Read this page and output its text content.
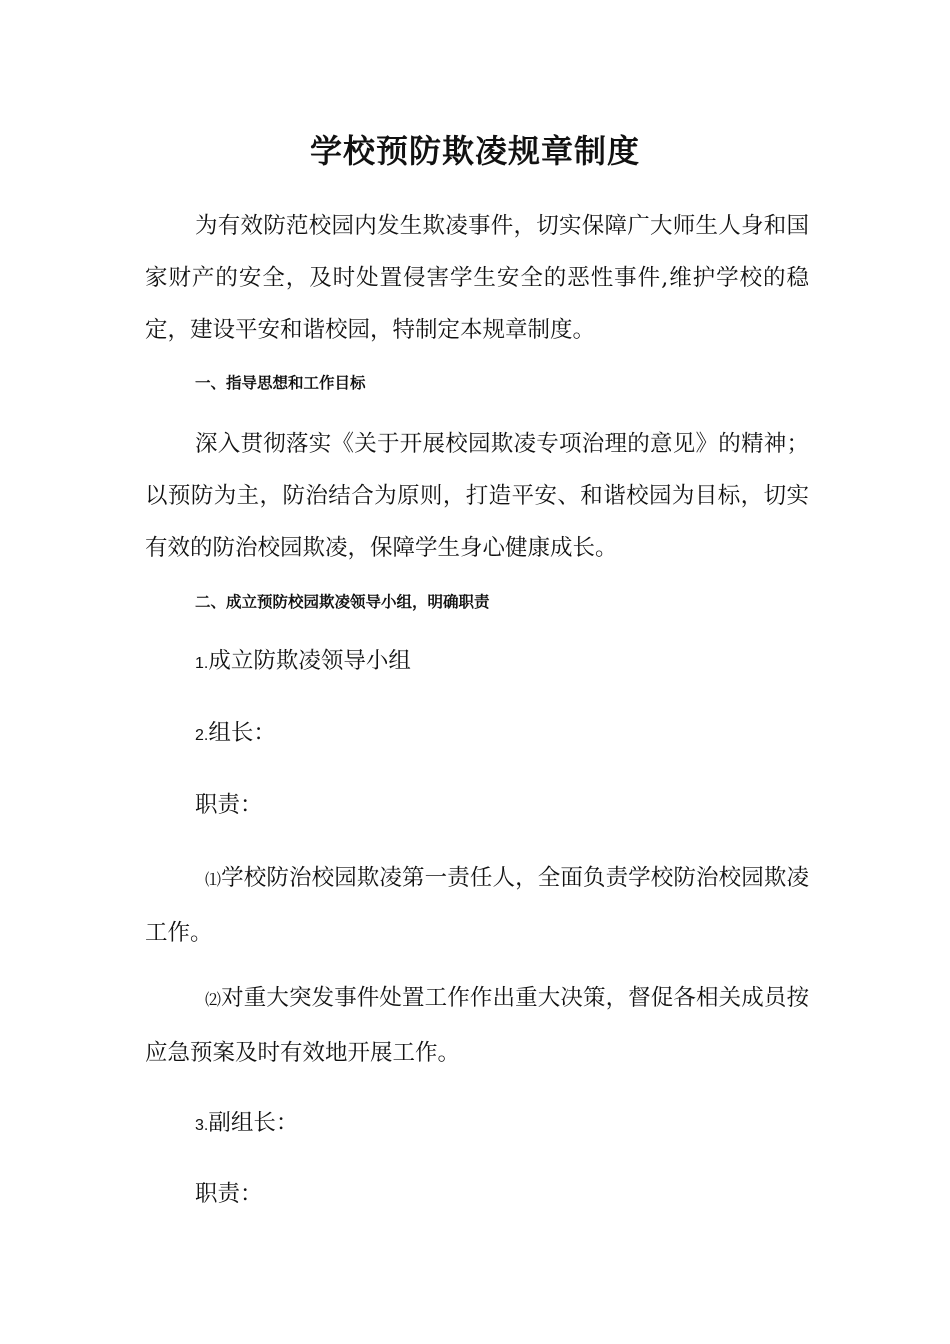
学校预防欺凌规章制度

为有效防范校园内发生欺凌事件，切实保障广大师生人身和国家财产的安全，及时处置侵害学生安全的恶性事件,维护学校的稳定，建设平安和谐校园，特制定本规章制度。

一、指导思想和工作目标

深入贯彻落实《关于开展校园欺凌专项治理的意见》的精神；以预防为主，防治结合为原则，打造平安、和谐校园为目标，切实有效的防治校园欺凌，保障学生身心健康成长。

二、成立预防校园欺凌领导小组，明确职责

1.成立防欺凌领导小组

2.组长：

职责：

⑴学校防治校园欺凌第一责任人，全面负责学校防治校园欺凌工作。

⑵对重大突发事件处置工作作出重大决策，督促各相关成员按应急预案及时有效地开展工作。

3.副组长：

职责：
